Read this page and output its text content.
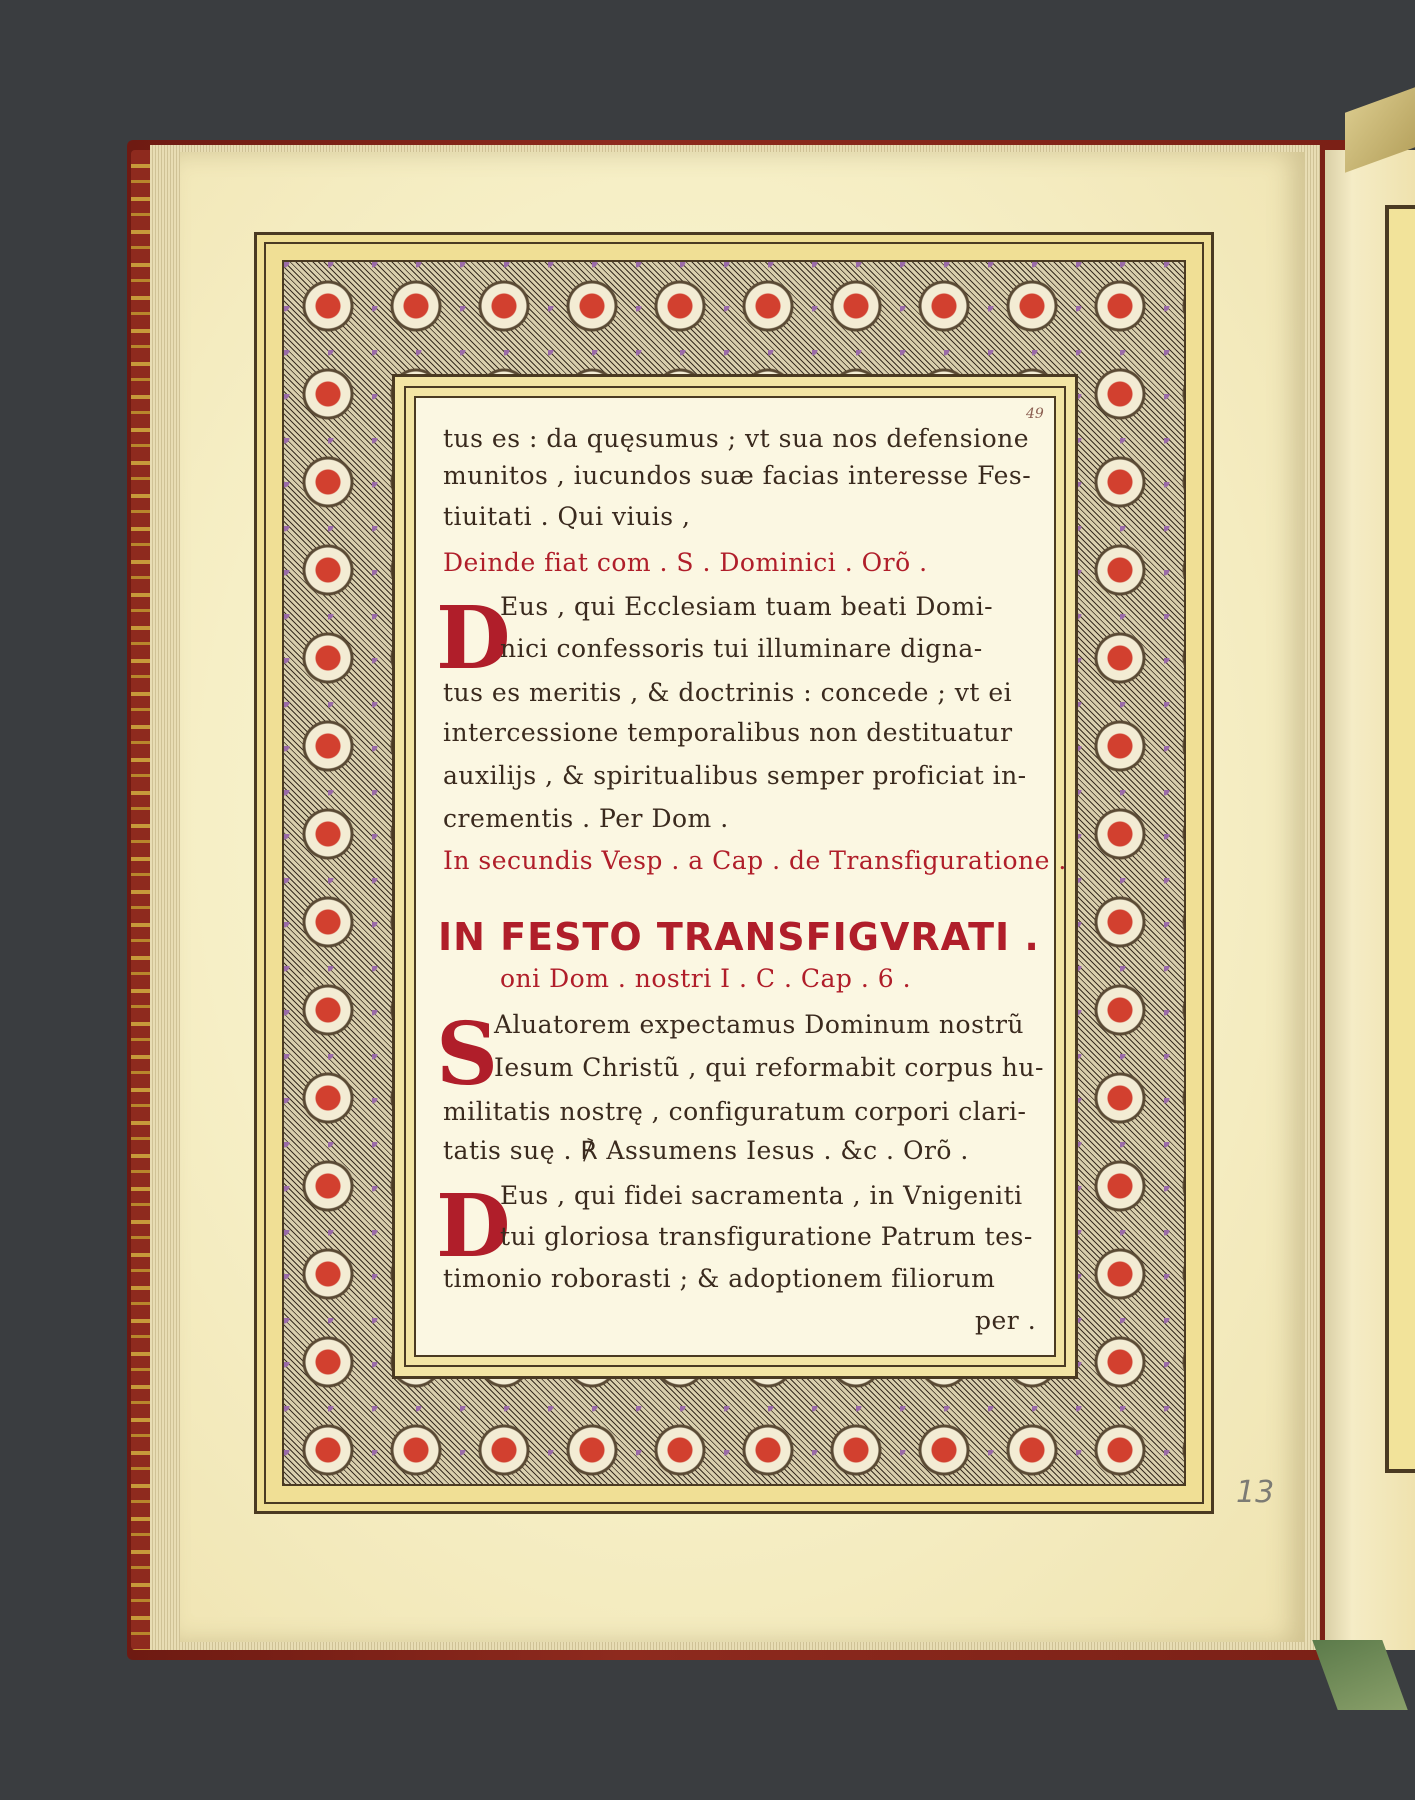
49
tus es : da quęsumus ; vt sua nos defensione
munitos , iucundos suæ facias interesse Fes-
tiuitati . Qui viuis ,
Deinde fiat com . S . Dominici . Orõ .
D
Eus , qui Ecclesiam tuam beati Domi-
nici confessoris tui illuminare digna-
tus es meritis , & doctrinis : concede ; vt ei
intercessione temporalibus non destituatur
auxilijs , & spiritualibus semper proficiat in-
crementis . Per Dom .
In secundis Vesp . a Cap . de Transfiguratione .
IN FESTO TRANSFIGVRATI .
oni Dom . nostri I . C . Cap . 6 .
S
Aluatorem expectamus Dominum nostrũ
Iesum Christũ , qui reformabit corpus hu-
militatis nostrę , configuratum corpori clari-
tatis suę . ℟ Assumens Iesus . &c . Orõ .
D
Eus , qui fidei sacramenta , in Vnigeniti
tui gloriosa transfiguratione Patrum tes-
timonio roborasti ; & adoptionem filiorum
per .
13
